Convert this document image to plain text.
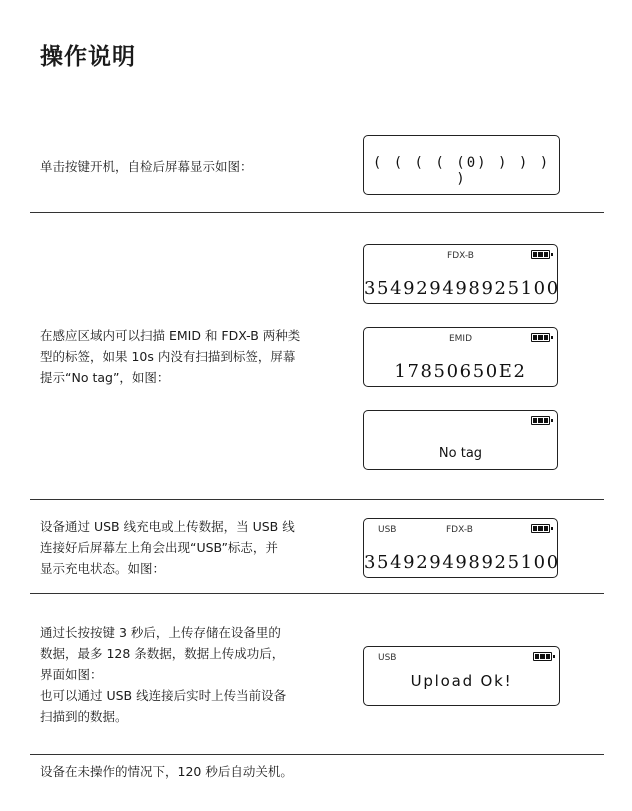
操作说明
单击按键开机，自检后屏幕显示如图：	( ( ( ( (0) ) ) ) )
在感应区域内可以扫描 EMID 和 FDX-B 两种类
型的标签，如果 10s 内没有扫描到标签，屏幕
提示“No tag”，如图：
FDX-B
354929498925100
EMID
17850650E2
No tag
设备通过 USB 线充电或上传数据，当 USB 线
连接好后屏幕左上角会出现“USB”标志，并
显示充电状态。如图：
USB	FDX-B
354929498925100
通过长按按键 3 秒后，上传存储在设备里的
数据，最多 128 条数据，数据上传成功后，
界面如图：
也可以通过 USB 线连接后实时上传当前设备
扫描到的数据。
USB
Upload Ok!
设备在未操作的情况下，120 秒后自动关机。
